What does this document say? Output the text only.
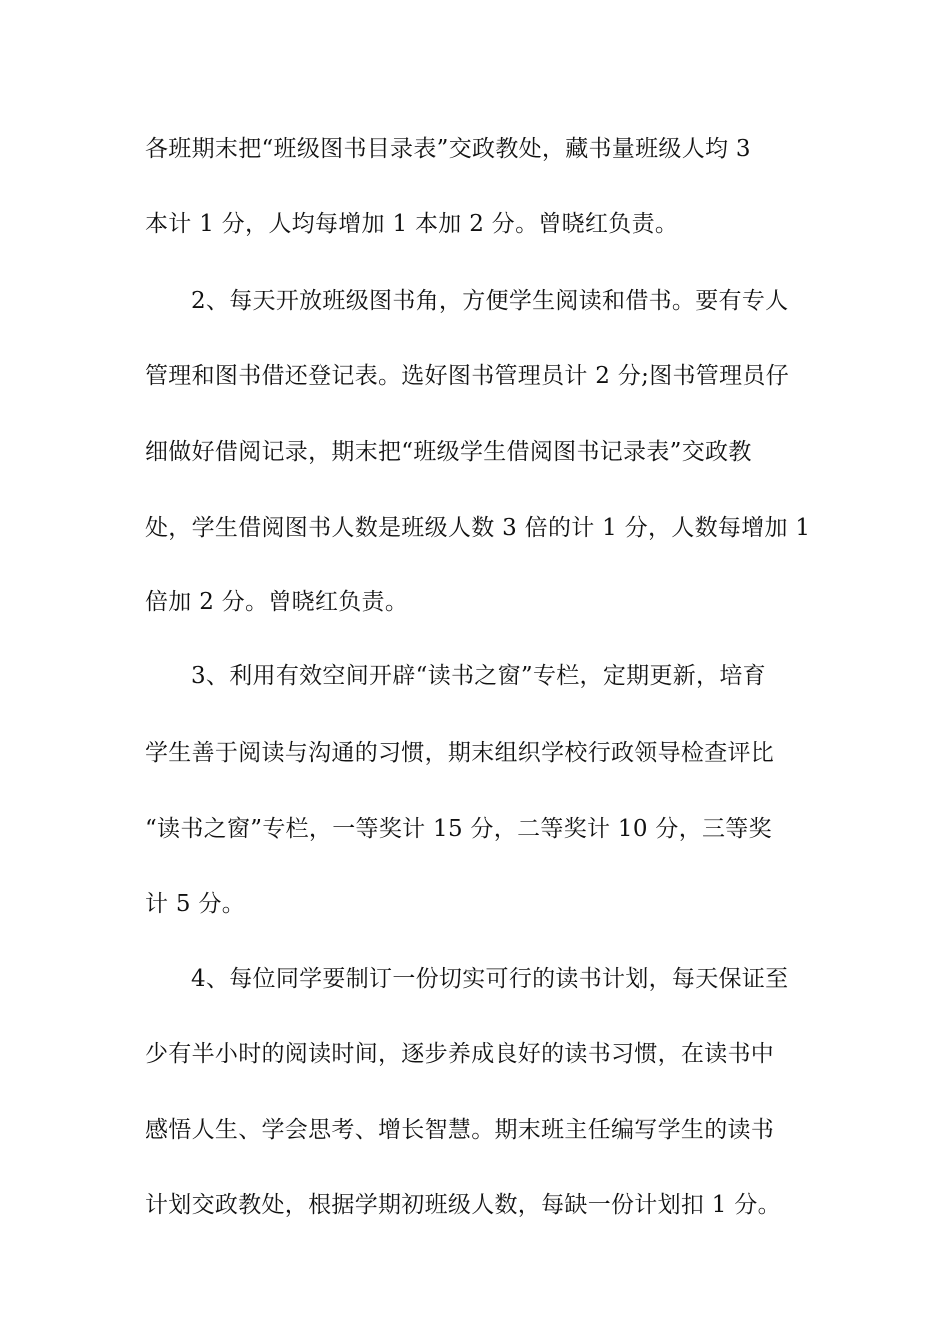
各班期末把“班级图书目录表”交政教处，藏书量班级人均 3
本计 1 分，人均每增加 1 本加 2 分。曾晓红负责。
2、每天开放班级图书角，方便学生阅读和借书。要有专人
管理和图书借还登记表。选好图书管理员计 2 分;图书管理员仔
细做好借阅记录，期末把“班级学生借阅图书记录表”交政教
处，学生借阅图书人数是班级人数 3 倍的计 1 分，人数每增加 1
倍加 2 分。曾晓红负责。
3、利用有效空间开辟“读书之窗”专栏，定期更新，培育
学生善于阅读与沟通的习惯，期末组织学校行政领导检查评比
“读书之窗”专栏，一等奖计 15 分，二等奖计 10 分，三等奖
计 5 分。
4、每位同学要制订一份切实可行的读书计划，每天保证至
少有半小时的阅读时间，逐步养成良好的读书习惯，在读书中
感悟人生、学会思考、增长智慧。期末班主任编写学生的读书
计划交政教处，根据学期初班级人数，每缺一份计划扣 1 分。
